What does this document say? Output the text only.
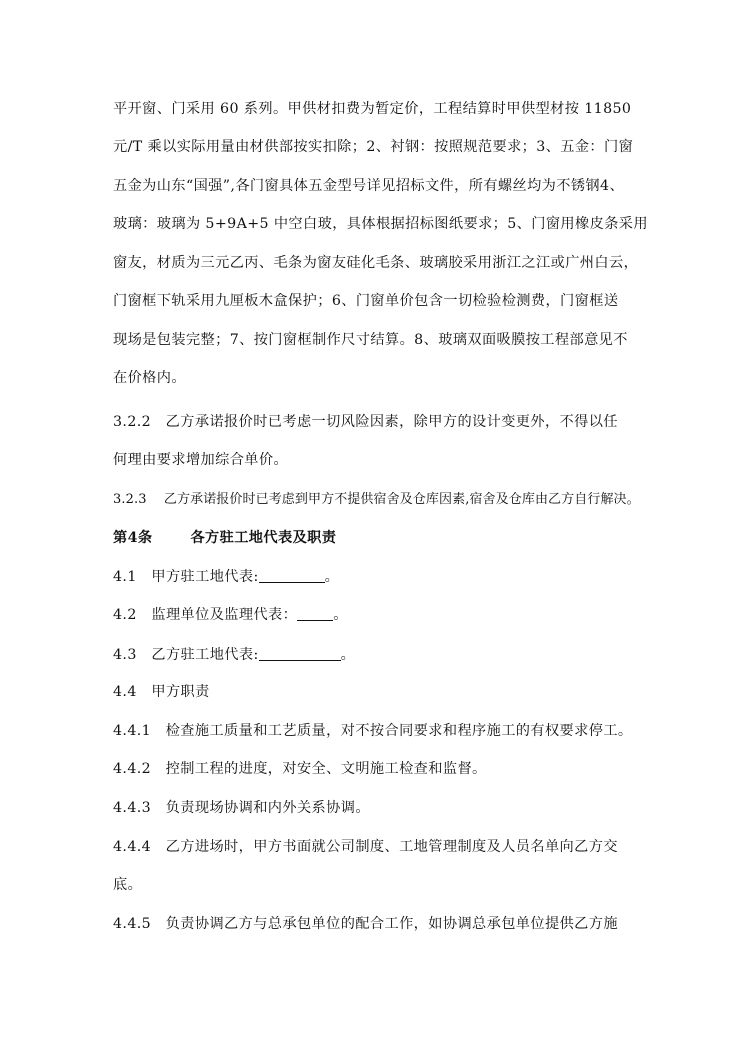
平开窗、门采用 60 系列。甲供材扣费为暂定价，工程结算时甲供型材按 11850
元/T 乘以实际用量由材供部按实扣除；2、衬钢：按照规范要求；3、五金：门窗
五金为山东“国强”,各门窗具体五金型号详见招标文件，所有螺丝均为不锈钢4、
玻璃：玻璃为 5+9A+5 中空白玻，具体根据招标图纸要求；5、门窗用橡皮条采用
窗友，材质为三元乙丙、毛条为窗友硅化毛条、玻璃胶采用浙江之江或广州白云，
门窗框下轨采用九厘板木盒保护；6、门窗单价包含一切检验检测费，门窗框送
现场是包装完整；7、按门窗框制作尺寸结算。8、玻璃双面吸膜按工程部意见不
在价格内。
3.2.2　乙方承诺报价时已考虑一切风险因素，除甲方的设计变更外，不得以任
何理由要求增加综合单价。
3.2.3　 乙方承诺报价时已考虑到甲方不提供宿舍及仓库因素,宿舍及仓库由乙方自行解决。
第4条	各方驻工地代表及职责
4.1　甲方驻工地代表:	。
4.2　监理单位及监理代表：	。
4.3　乙方驻工地代表:	。
4.4　甲方职责
4.4.1　检查施工质量和工艺质量，对不按合同要求和程序施工的有权要求停工。
4.4.2　控制工程的进度，对安全、文明施工检查和监督。
4.4.3　负责现场协调和内外关系协调。
4.4.4　乙方进场时，甲方书面就公司制度、工地管理制度及人员名单向乙方交
底。
4.4.5　负责协调乙方与总承包单位的配合工作，如协调总承包单位提供乙方施
